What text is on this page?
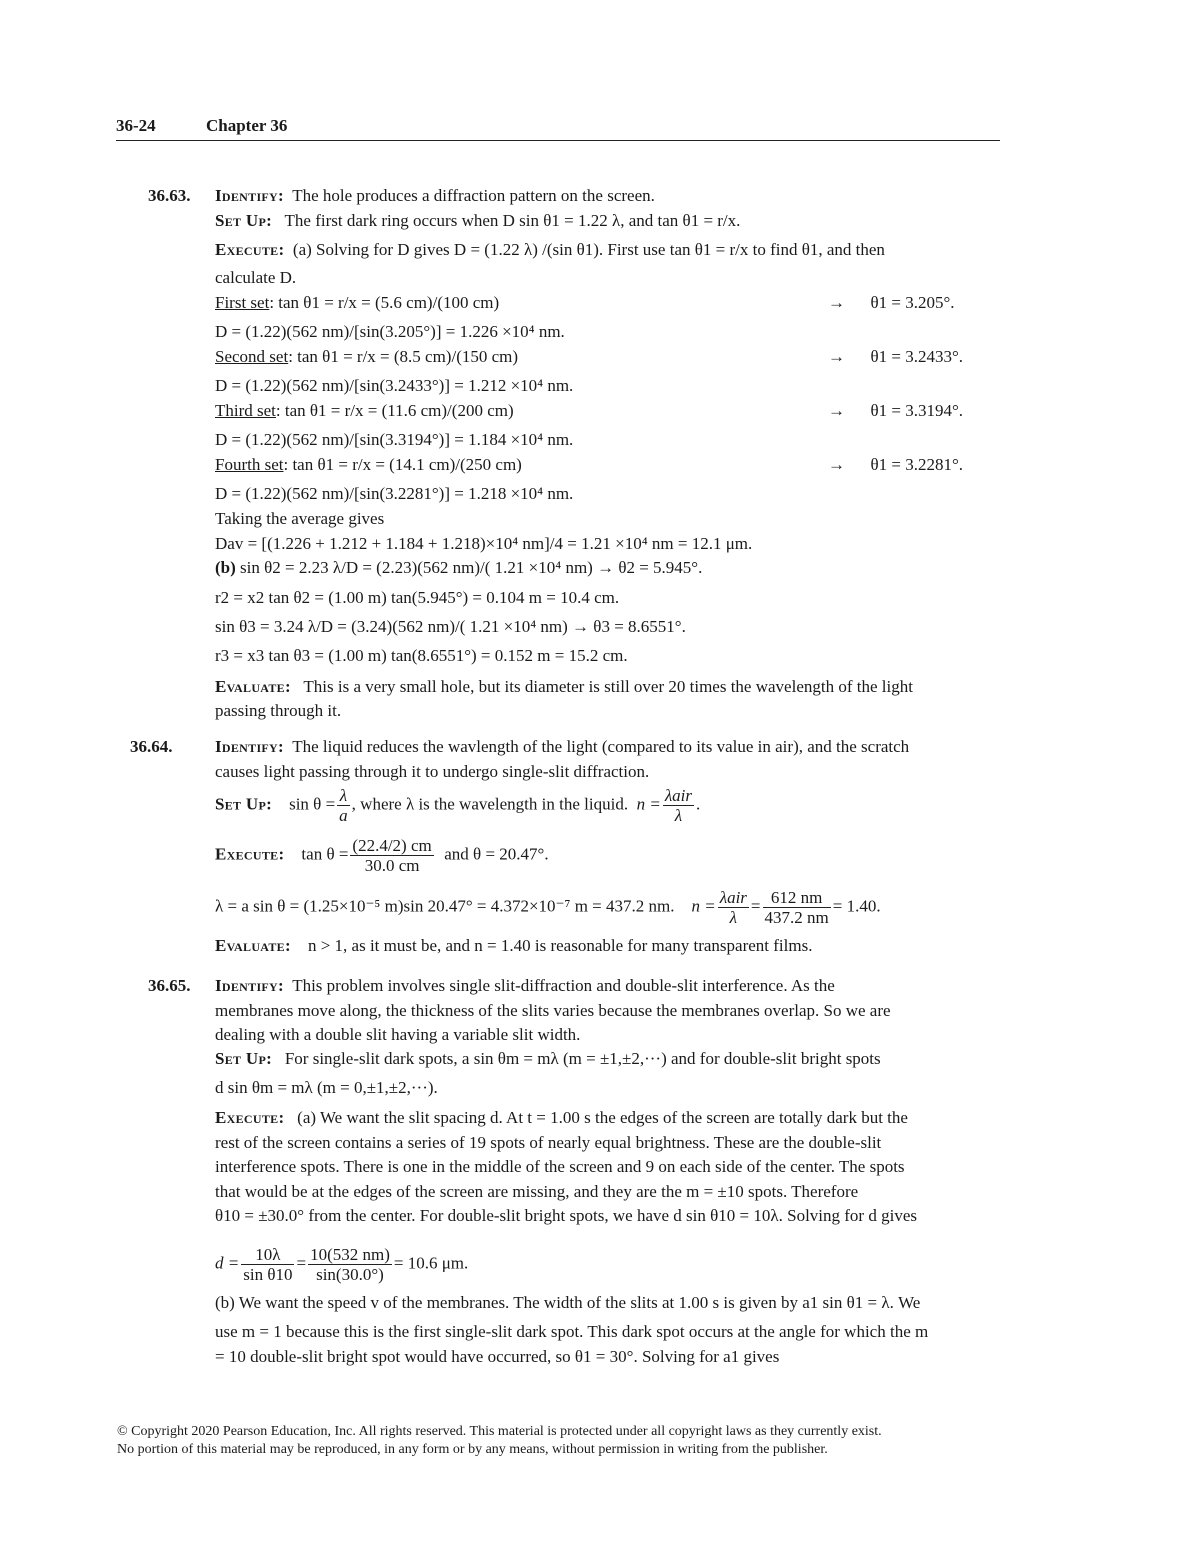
36-24	Chapter 36
36.63. Identify: The hole produces a diffraction pattern on the screen.
Set Up: The first dark ring occurs when D sin θ1 = 1.22 λ, and tan θ1 = r/x.
Execute: (a) Solving for D gives D = (1.22 λ) /(sin θ1). First use tan θ1 = r/x to find θ1, and then
calculate D.
First set: tan θ1 = r/x = (5.6 cm)/(100 cm)	→ θ1 = 3.205°.
D = (1.22)(562 nm)/[sin(3.205°)] = 1.226 ×10⁴ nm.
Second set: tan θ1 = r/x = (8.5 cm)/(150 cm)	→ θ1 = 3.2433°.
D = (1.22)(562 nm)/[sin(3.2433°)] = 1.212 ×10⁴ nm.
Third set: tan θ1 = r/x = (11.6 cm)/(200 cm)	→ θ1 = 3.3194°.
D = (1.22)(562 nm)/[sin(3.3194°)] = 1.184 ×10⁴ nm.
Fourth set: tan θ1 = r/x = (14.1 cm)/(250 cm)	→ θ1 = 3.2281°.
D = (1.22)(562 nm)/[sin(3.2281°)] = 1.218 ×10⁴ nm.
Taking the average gives
Dav = [(1.226 + 1.212 + 1.184 + 1.218)×10⁴ nm]/4 = 1.21 ×10⁴ nm = 12.1 μm.
(b) sin θ2 = 2.23 λ/D = (2.23)(562 nm)/( 1.21 ×10⁴ nm) → θ2 = 5.945°.
r2 = x2 tan θ2 = (1.00 m) tan(5.945°) = 0.104 m = 10.4 cm.
sin θ3 = 3.24 λ/D = (3.24)(562 nm)/( 1.21 ×10⁴ nm) → θ3 = 8.6551°.
r3 = x3 tan θ3 = (1.00 m) tan(8.6551°) = 0.152 m = 15.2 cm.
Evaluate: This is a very small hole, but its diameter is still over 20 times the wavelength of the light
passing through it.
36.64.	Identify: The liquid reduces the wavlength of the light (compared to its value in air), and the scratch
causes light passing through it to undergo single-slit diffraction.
Set Up: $\sin \theta = \frac{\lambda}{a}$ , where λ is the wavelength in the liquid. $n = \frac{\text{λair}}{\lambda}$ .
Execute: $\tan \theta = \frac{(22.4/2) cm}{30.0 cm}$ and θ = 20.47°.
λ = a sin θ = (1.25×10⁻⁵ m)sin 20.47° = 4.372×10⁻⁷ m = 437.2 nm. $n = \frac{\text{λair}}{\lambda} = \frac{612 nm}{437.2 nm} = 1.40$.
Evaluate: n > 1, as it must be, and n = 1.40 is reasonable for many transparent films.
36.65. Identify: This problem involves single slit-diffraction and double-slit interference. As the
membranes move along, the thickness of the slits varies because the membranes overlap. So we are
dealing with a double slit having a variable slit width.
Set Up: For single-slit dark spots, a sin θm = mλ (m = ±1,±2,···) and for double-slit bright spots
d sin θm = mλ (m = 0,±1,±2,···).
Execute: (a) We want the slit spacing d. At t = 1.00 s the edges of the screen are totally dark but the
rest of the screen contains a series of 19 spots of nearly equal brightness. These are the double-slit
interference spots. There is one in the middle of the screen and 9 on each side of the center. The spots
that would be at the edges of the screen are missing, and they are the m = ±10 spots. Therefore
θ10 = ±30.0° from the center. For double-slit bright spots, we have d sin θ10 = 10λ. Solving for d gives
$d = \frac{10\lambda}{\text{sin θ10}} = \frac{10(532 nm)}{\sin(30.0^\circ)} = 10.6$ μm.
(b) We want the speed v of the membranes. The width of the slits at 1.00 s is given by a1 sin θ1 = λ. We
use m = 1 because this is the first single-slit dark spot. This dark spot occurs at the angle for which the m
= 10 double-slit bright spot would have occurred, so θ1 = 30°. Solving for a1 gives
© Copyright 2020 Pearson Education, Inc. All rights reserved. This material is protected under all copyright laws as they currently exist.
No portion of this material may be reproduced, in any form or by any means, without permission in writing from the publisher.
